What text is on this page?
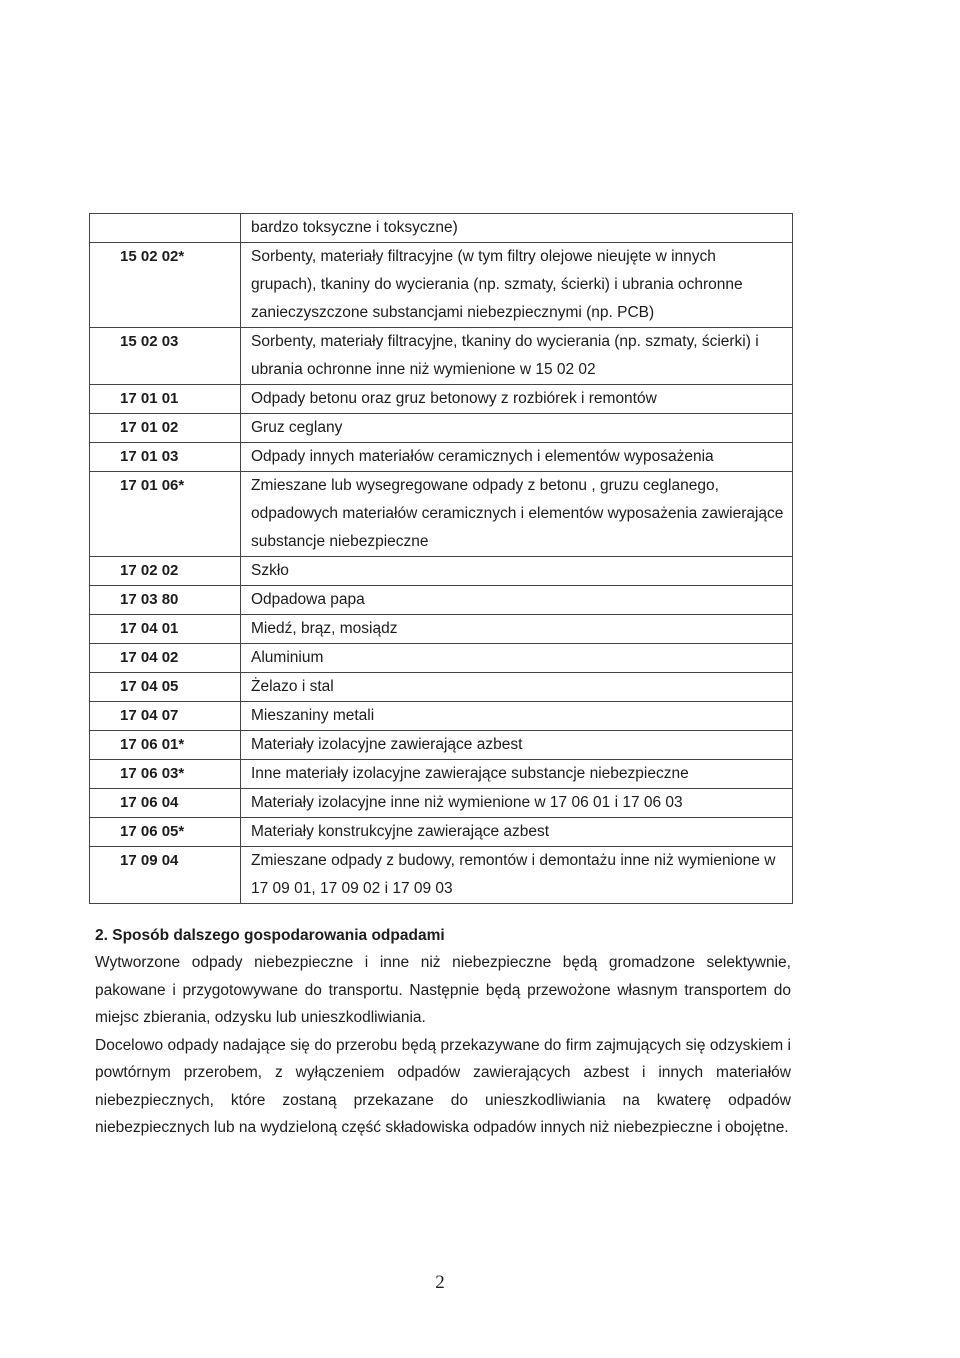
	bardzo toksyczne i toksyczne)
15 02 02*	Sorbenty, materiały filtracyjne (w tym filtry olejowe nieujęte w innych grupach), tkaniny do wycierania (np. szmaty, ścierki) i ubrania ochronne zanieczyszczone substancjami niebezpiecznymi (np. PCB)
15 02 03	Sorbenty, materiały filtracyjne, tkaniny do wycierania (np. szmaty, ścierki) i ubrania ochronne inne niż wymienione w 15 02 02
17 01 01	Odpady betonu oraz gruz betonowy z rozbiórek i remontów
17 01 02	Gruz ceglany
17 01 03	Odpady innych materiałów ceramicznych i elementów wyposażenia
17 01 06*	Zmieszane lub wysegregowane odpady z betonu , gruzu ceglanego, odpadowych materiałów ceramicznych i elementów wyposażenia zawierające substancje niebezpieczne
17 02 02	Szkło
17 03 80	Odpadowa papa
17 04 01	Miedź, brąz, mosiądz
17 04 02	Aluminium
17 04 05	Żelazo i stal
17 04 07	Mieszaniny metali
17 06 01*	Materiały izolacyjne zawierające azbest
17 06 03*	Inne materiały izolacyjne zawierające substancje niebezpieczne
17 06 04	Materiały izolacyjne inne niż wymienione w 17 06 01 i 17 06 03
17 06 05*	Materiały konstrukcyjne zawierające azbest
17 09 04	Zmieszane odpady z budowy, remontów i demontażu inne niż wymienione w 17 09 01, 17 09 02 i 17 09 03
2. Sposób dalszego gospodarowania odpadami

Wytworzone odpady niebezpieczne i inne niż niebezpieczne będą gromadzone selektywnie, pakowane i przygotowywane do transportu. Następnie będą przewożone własnym transportem do miejsc zbierania, odzysku lub unieszkodliwiania.

Docelowo odpady nadające się do przerobu będą przekazywane do firm zajmujących się odzyskiem i powtórnym przerobem, z wyłączeniem odpadów zawierających azbest i innych materiałów niebezpiecznych, które zostaną przekazane do unieszkodliwiania na kwaterę odpadów niebezpiecznych lub na wydzieloną część składowiska odpadów innych niż niebezpieczne i obojętne.

2
